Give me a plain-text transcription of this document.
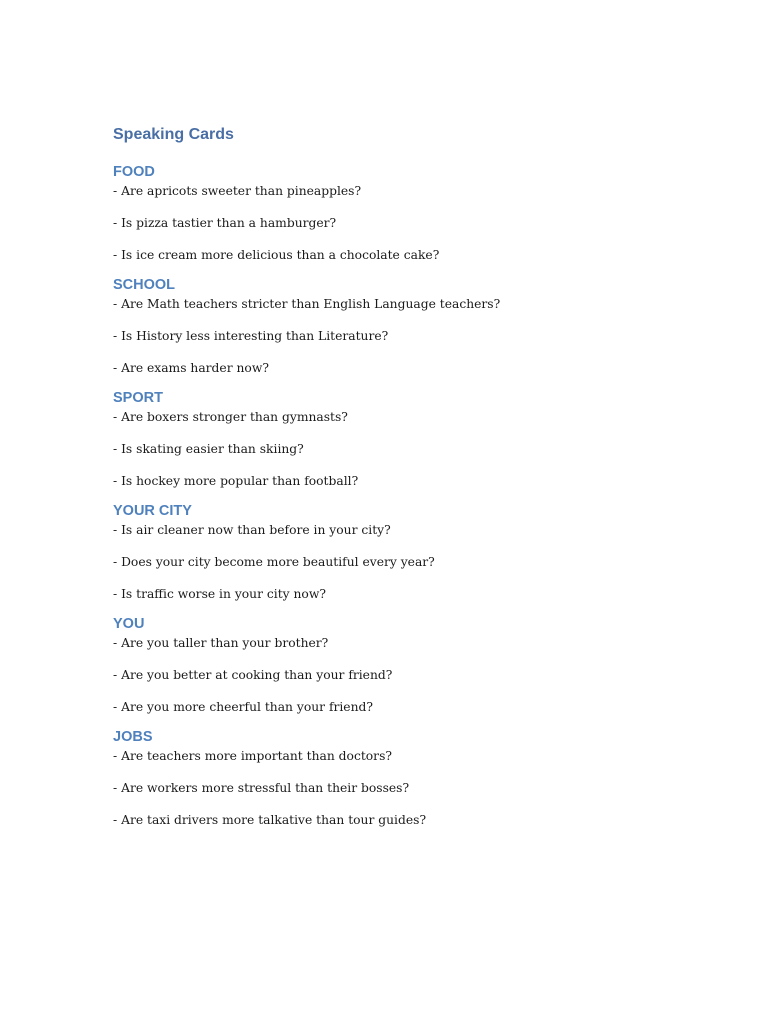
Speaking Cards
FOOD

- Are apricots sweeter than pineapples?

- Is pizza tastier than a hamburger?

- Is ice cream more delicious than a chocolate cake?

SCHOOL

- Are Math teachers stricter than English Language teachers?

- Is History less interesting than Literature?

- Are exams harder now?

SPORT

- Are boxers stronger than gymnasts?

- Is skating easier than skiing?

- Is hockey more popular than football?

YOUR CITY

- Is air cleaner now than before in your city?

- Does your city become more beautiful every year?

- Is traffic worse in your city now?

YOU

- Are you taller than your brother?

- Are you better at cooking than your friend?

- Are you more cheerful than your friend?

JOBS

- Are teachers more important than doctors?

- Are workers more stressful than their bosses?

- Are taxi drivers more talkative than tour guides?
